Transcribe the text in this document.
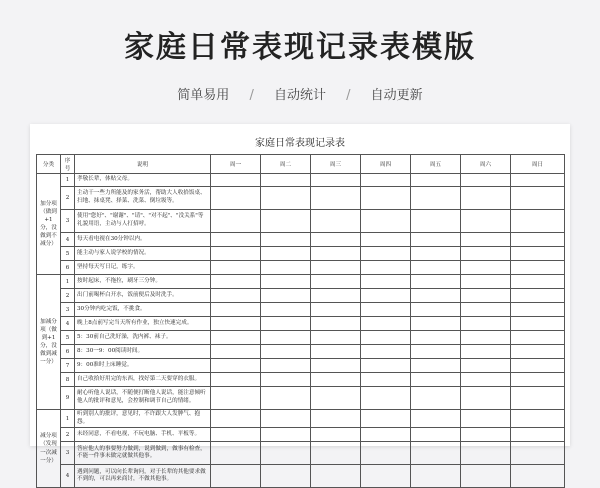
家庭日常表现记录表模版
简单易用 / 自动统计 / 自动更新
家庭日常表现记录表
分类	序号	说明	周一	周二	周三	周四	周五	周六	周日
加分项（做到+1分，没做到不减分）	1	孝敬长辈，体贴父母。							
	2	主动干一些力所能及的家务活，帮助大人收拾饭桌、扫地、抹桌凳、择菜、洗菜、倒垃圾等。							
	3	使用"您好"、"谢谢"、"请"、"对不起"、"没关系"等礼貌用语，主动与人打招呼。							
	4	每天看电视在30分钟以内。							
	5	能主动与家人说学校的情况。							
	6	坚持每天写日记，练字。							
加减分项（做到+1分，没做到减一分）	1	按时起床，不拖拉，刷牙三分钟。							
	2	出门前喝杯白开水，饭前便后及时洗手。							
	3	30分钟内吃完饭，不挑食。							
	4	晚上8点前写完当天所有作业，独立快速完成。							
	5	5：30前自己洗好澡，洗内裤、袜子。							
	6	8：30一9：00阅读时间。							
	7	9：00准时上床睡觉。							
	8	自己收拾好用完的东西，找好第二天要穿的衣服。							
	9	耐心听他人说话，不随便打断他人说话，能注意倾听他人的批评和意见，会控制和调节自己的情绪。							
减分项（发现一次减一分）	1	听到别人的批评，意见时，不许跟大人发脾气、抱怨。							
	2	未经同意，不看电视，不玩电脑、手机、平板等。							
	3	答应他人的事要努力做到，说到做到，做事有检查，不能一件事未做完就做其他事。							
	4	遇到问题，可以向长辈询问，对于长辈的其他要求做不到的，可以再来商讨，不做其他事。							
